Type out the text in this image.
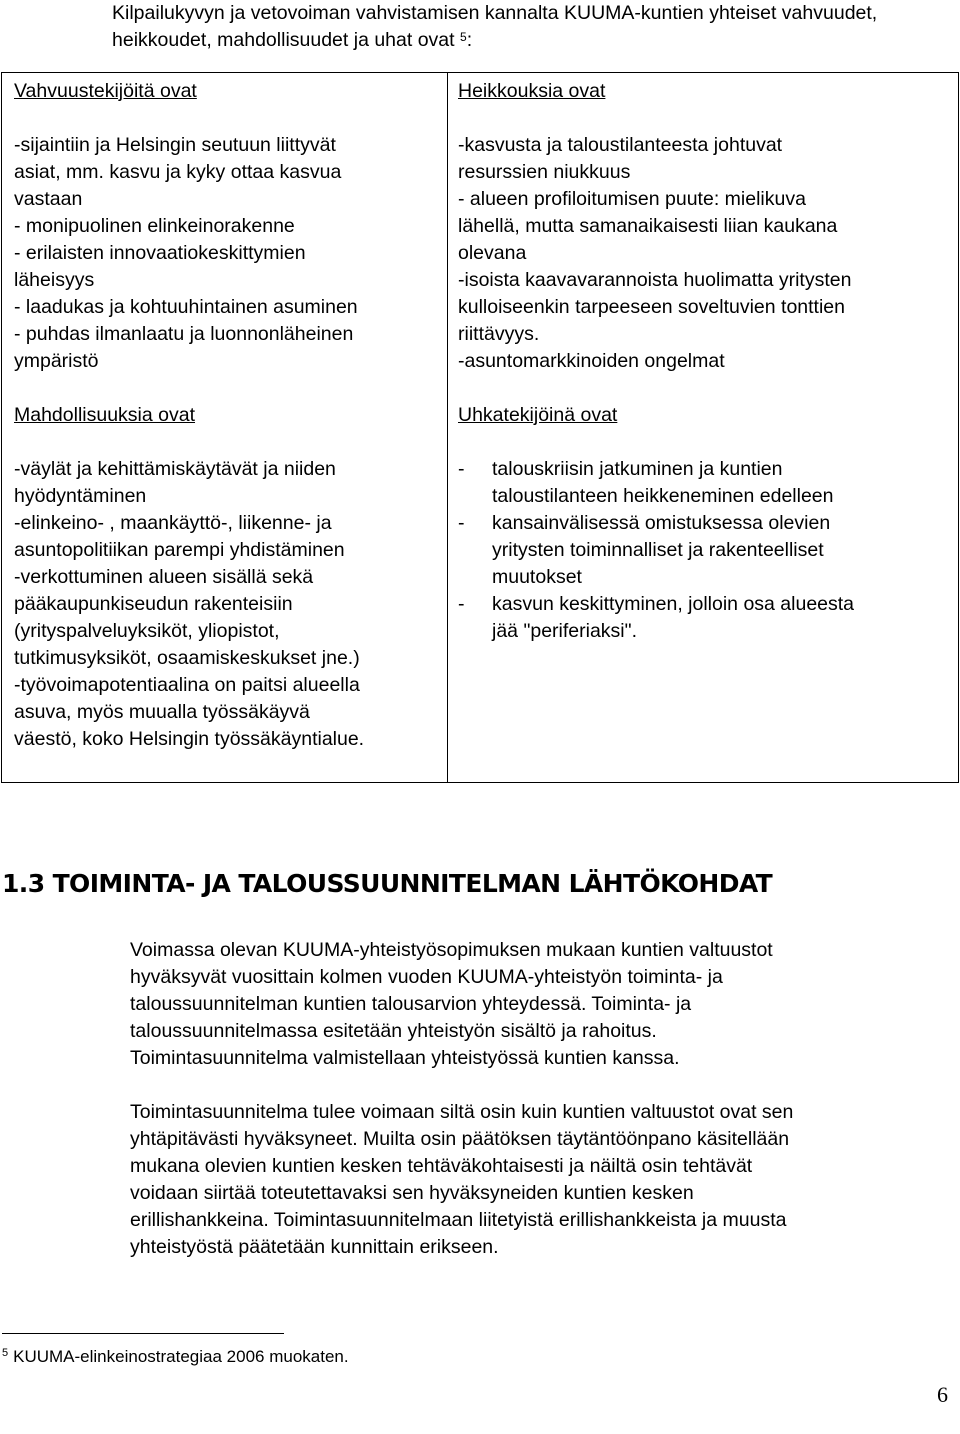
Kilpailukyvyn ja vetovoiman vahvistamisen kannalta KUUMA-kuntien yhteiset vahvuudet, heikkoudet, mahdollisuudet ja uhat ovat $^5$:
Vahvuustekijöitä ovat
-sijaintiin ja Helsingin seutuun liittyvät
asiat, mm. kasvu ja kyky ottaa kasvua
vastaan
- monipuolinen elinkeinorakenne
- erilaisten innovaatiokeskittymien
läheisyys
- laadukas ja kohtuuhintainen asuminen
- puhdas ilmanlaatu ja luonnonläheinen
ympäristö
Mahdollisuuksia ovat
-väylät ja kehittämiskäytävät ja niiden
hyödyntäminen
-elinkeino- , maankäyttö-, liikenne- ja
asuntopolitiikan parempi yhdistäminen
-verkottuminen alueen sisällä sekä
pääkaupunkiseudun rakenteisiin
(yrityspalveluyksiköt, yliopistot,
tutkimusyksiköt, osaamiskeskukset jne.)
-työvoimapotentiaalina on paitsi alueella
asuva, myös muualla työssäkäyvä
väestö, koko Helsingin työssäkäyntialue.

Heikkouksia ovat
-kasvusta ja taloustilanteesta johtuvat
resurssien niukkuus
- alueen profiloitumisen puute: mielikuva
lähellä, mutta samanaikaisesti liian kaukana
olevana
-isoista kaavavarannoista huolimatta yritysten
kulloiseenkin tarpeeseen soveltuvien tonttien
riittävyys.
-asuntomarkkinoiden ongelmat
Uhkatekijöinä ovat
- talouskriisin jatkuminen ja kuntien
taloustilanteen heikkeneminen edelleen
- kansainvälisessä omistuksessa olevien
yritysten toiminnalliset ja rakenteelliset
muutokset
- kasvun keskittyminen, jolloin osa alueesta
jää "periferiaksi".
1.3 TOIMINTA- JA TALOUSSUUNNITELMAN LÄHTÖKOHDAT
Voimassa olevan KUUMA-yhteistyösopimuksen mukaan kuntien valtuustot
hyväksyvät vuosittain kolmen vuoden KUUMA-yhteistyön toiminta- ja
taloussuunnitelman kuntien talousarvion yhteydessä. Toiminta- ja
taloussuunnitelmassa esitetään yhteistyön sisältö ja rahoitus.
Toimintasuunnitelma valmistellaan yhteistyössä kuntien kanssa.
Toimintasuunnitelma tulee voimaan siltä osin kuin kuntien valtuustot ovat sen
yhtäpitävästi hyväksyneet. Muilta osin päätöksen täytäntöönpano käsitellään
mukana olevien kuntien kesken tehtäväkohtaisesti ja näiltä osin tehtävät
voidaan siirtää toteutettavaksi sen hyväksyneiden kuntien kesken
erillishankkeina. Toimintasuunnitelmaan liitetyistä erillishankkeista ja muusta
yhteistyöstä päätetään kunnittain erikseen.
$^5$ KUUMA-elinkeinostrategiaa 2006 muokaten.
6
